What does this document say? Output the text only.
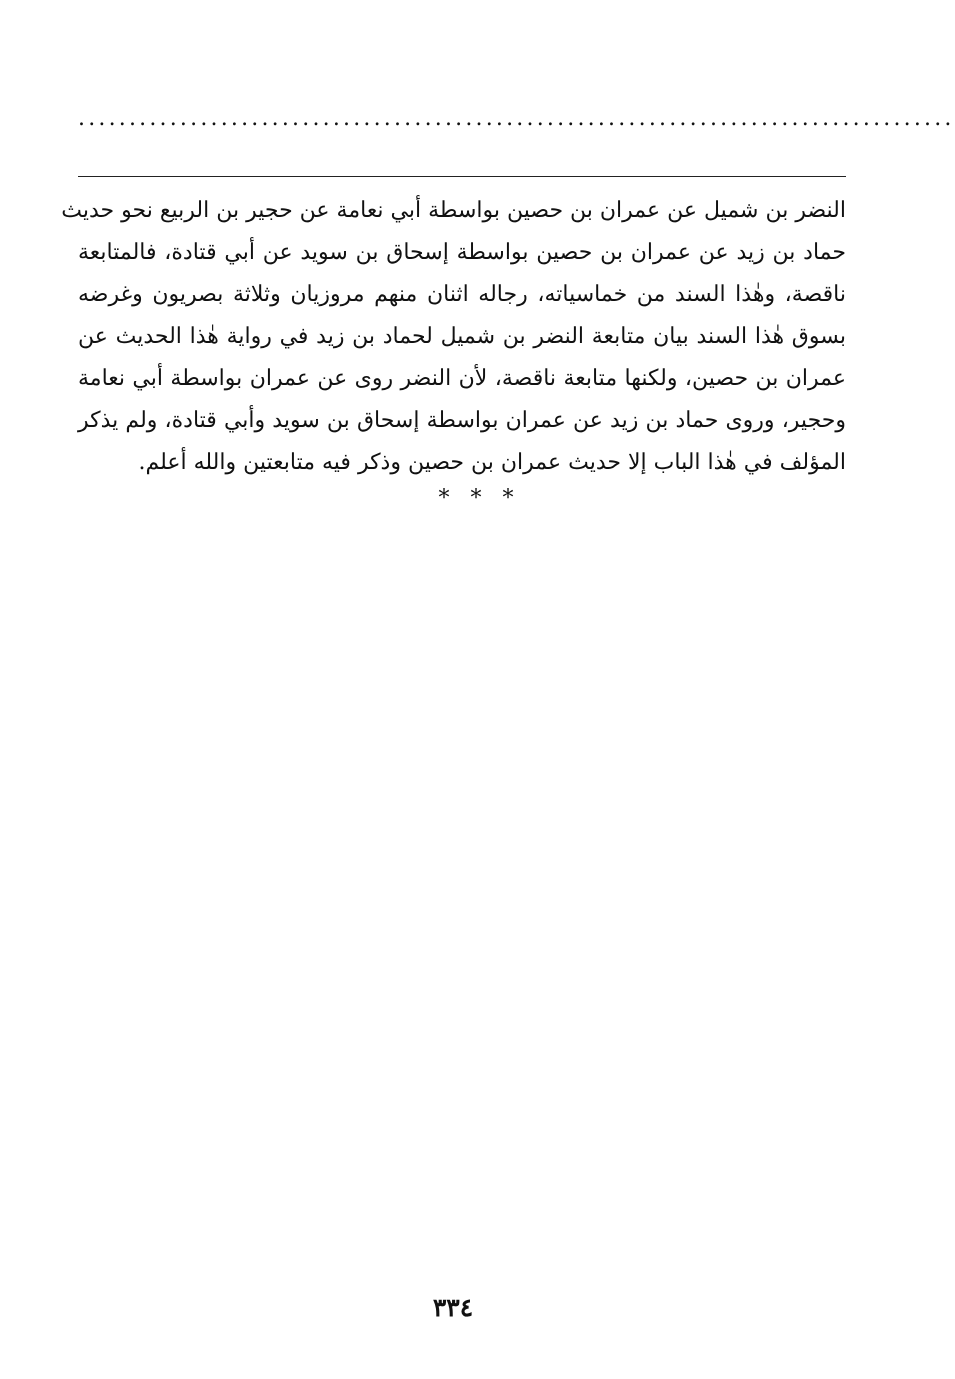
......................................................................................
النضر بن شميل عن عمران بن حصين بواسطة أبي نعامة عن حجير بن الربيع نحو حديث
حماد بن زيد عن عمران بن حصين بواسطة إسحاق بن سويد عن أبي قتادة، فالمتابعة
ناقصة، وهٰذا السند من خماسياته، رجاله اثنان منهم مروزيان وثلاثة بصريون وغرضه
بسوق هٰذا السند بيان متابعة النضر بن شميل لحماد بن زيد في رواية هٰذا الحديث عن
عمران بن حصين، ولكنها متابعة ناقصة، لأن النضر روى عن عمران بواسطة أبي نعامة
وحجير، وروى حماد بن زيد عن عمران بواسطة إسحاق بن سويد وأبي قتادة، ولم يذكر
المؤلف في هٰذا الباب إلا حديث عمران بن حصين وذكر فيه متابعتين والله أعلم.
* * *
٣٣٤
